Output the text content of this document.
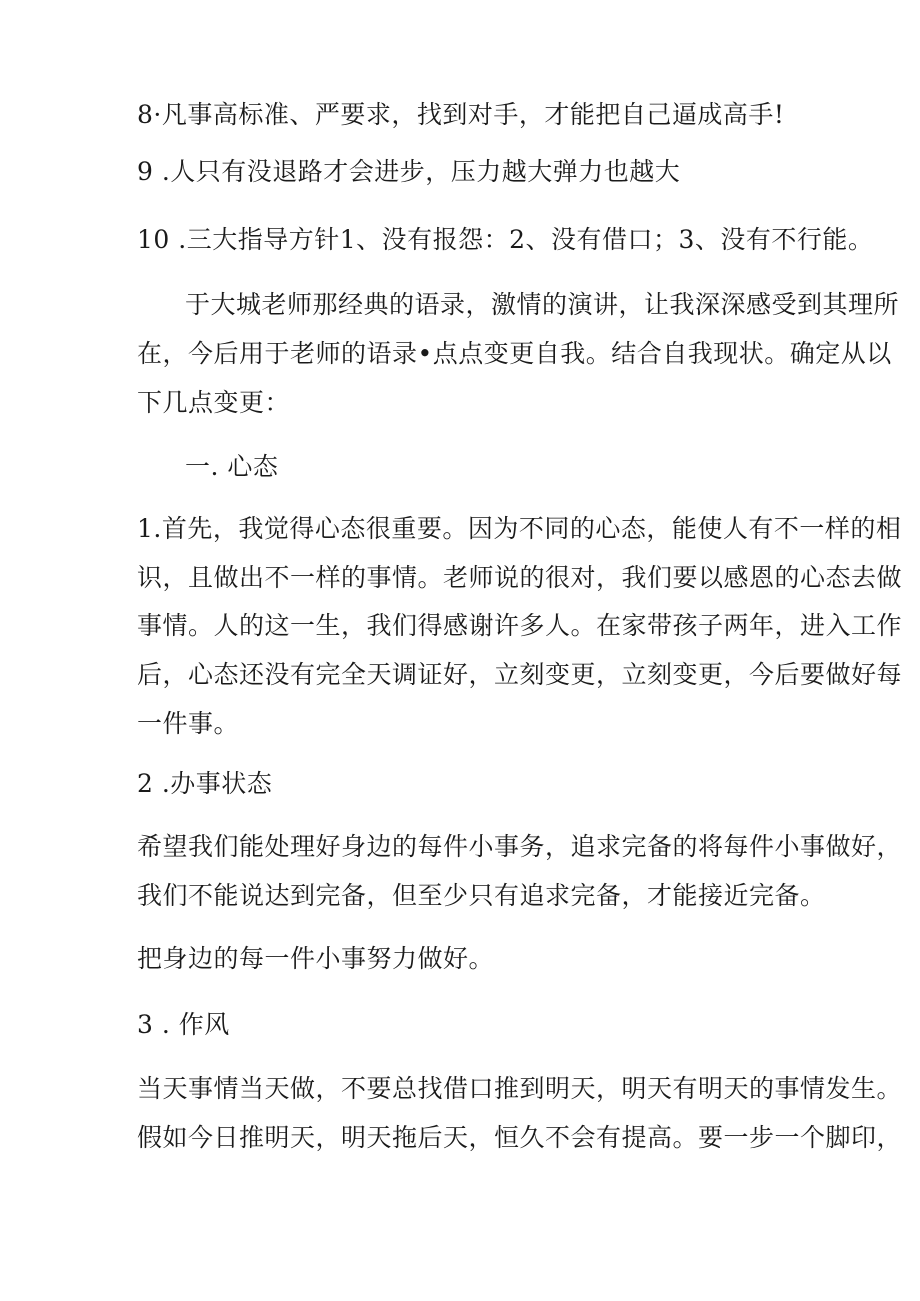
8·凡事高标准、严要求，找到对手，才能把自己逼成高手!
9 .人只有没退路才会进步，压力越大弹力也越大
10 .三大指导方针1、没有报怨：2、没有借口；3、没有不行能。
于大城老师那经典的语录，激情的演讲，让我深深感受到其理所
在，今后用于老师的语录•点点变更自我。结合自我现状。确定从以
下几点变更：
一. 心态
1.首先，我觉得心态很重要。因为不同的心态，能使人有不一样的相
识，且做出不一样的事情。老师说的很对，我们要以感恩的心态去做
事情。人的这一生，我们得感谢许多人。在家带孩子两年，进入工作
后，心态还没有完全天调证好，立刻变更，立刻变更，今后要做好每
一件事。
2 .办事状态
希望我们能处理好身边的每件小事务，追求完备的将每件小事做好，
我们不能说达到完备，但至少只有追求完备，才能接近完备。
把身边的每一件小事努力做好。
3 . 作风
当天事情当天做，不要总找借口推到明天，明天有明天的事情发生。
假如今日推明天，明天拖后天，恒久不会有提高。要一步一个脚印，
